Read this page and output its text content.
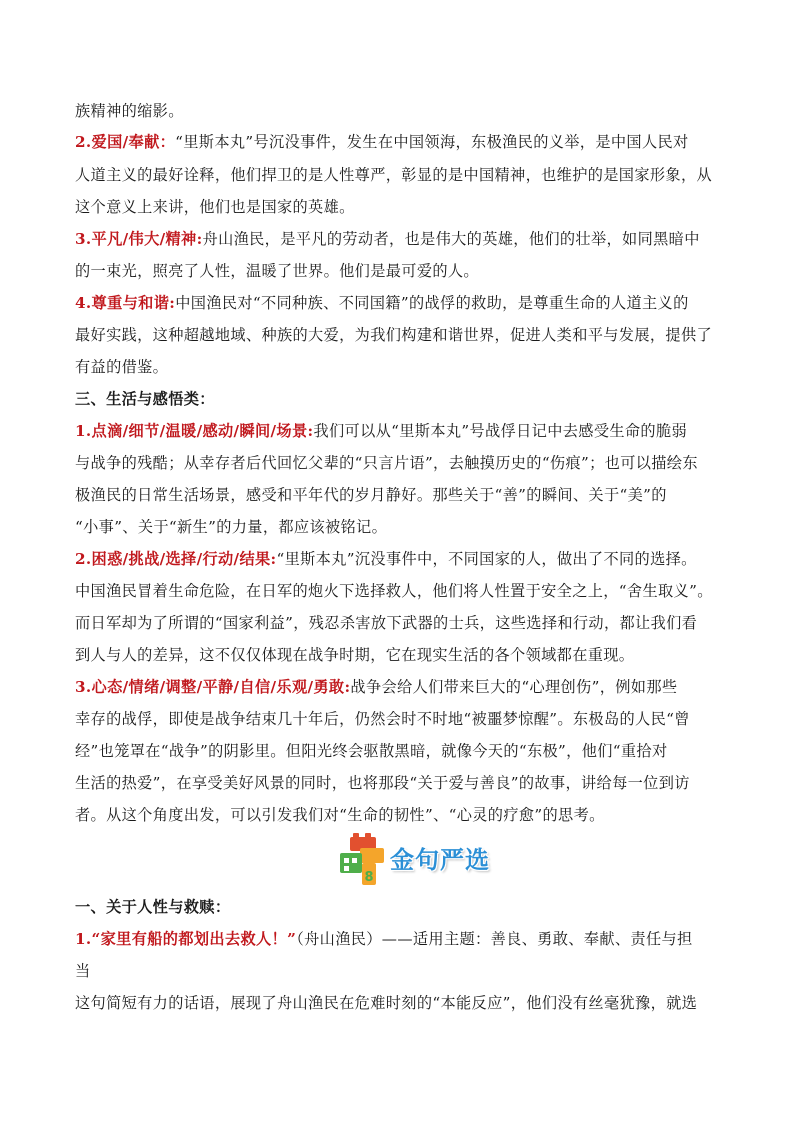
族精神的缩影。
2.爱国/奉献：“里斯本丸”号沉没事件，发生在中国领海，东极渔民的义举，是中国人民对
人道主义的最好诠释，他们捍卫的是人性尊严，彰显的是中国精神，也维护的是国家形象，从
这个意义上来讲，他们也是国家的英雄。
3.平凡/伟大/精神:舟山渔民，是平凡的劳动者，也是伟大的英雄，他们的壮举，如同黑暗中
的一束光，照亮了人性，温暖了世界。他们是最可爱的人。
4.尊重与和谐:中国渔民对“不同种族、不同国籍”的战俘的救助，是尊重生命的人道主义的
最好实践，这种超越地域、种族的大爱，为我们构建和谐世界，促进人类和平与发展，提供了
有益的借鉴。
三、生活与感悟类：
1.点滴/细节/温暖/感动/瞬间/场景:我们可以从“里斯本丸”号战俘日记中去感受生命的脆弱
与战争的残酷；从幸存者后代回忆父辈的“只言片语”，去触摸历史的“伤痕”；也可以描绘东
极渔民的日常生活场景，感受和平年代的岁月静好。那些关于“善”的瞬间、关于“美”的
“小事”、关于“新生”的力量，都应该被铭记。
2.困惑/挑战/选择/行动/结果:“里斯本丸”沉没事件中，不同国家的人，做出了不同的选择。
中国渔民冒着生命危险，在日军的炮火下选择救人，他们将人性置于安全之上，“舍生取义”。
而日军却为了所谓的“国家利益”，残忍杀害放下武器的士兵，这些选择和行动，都让我们看
到人与人的差异，这不仅仅体现在战争时期，它在现实生活的各个领域都在重现。
3.心态/情绪/调整/平静/自信/乐观/勇敢:战争会给人们带来巨大的“心理创伤”，例如那些
幸存的战俘，即使是战争结束几十年后，仍然会时不时地“被噩梦惊醒”。东极岛的人民“曾
经”也笼罩在“战争”的阴影里。但阳光终会驱散黑暗，就像今天的“东极”，他们“重拾对
生活的热爱”，在享受美好风景的同时，也将那段“关于爱与善良”的故事，讲给每一位到访
者。从这个角度出发，可以引发我们对“生命的韧性”、“心灵的疗愈”的思考。
8
金句严选
一、关于人性与救赎：
1.“家里有船的都划出去救人！”（舟山渔民）——适用主题：善良、勇敢、奉献、责任与担
当
这句简短有力的话语，展现了舟山渔民在危难时刻的“本能反应”，他们没有丝毫犹豫，就选
